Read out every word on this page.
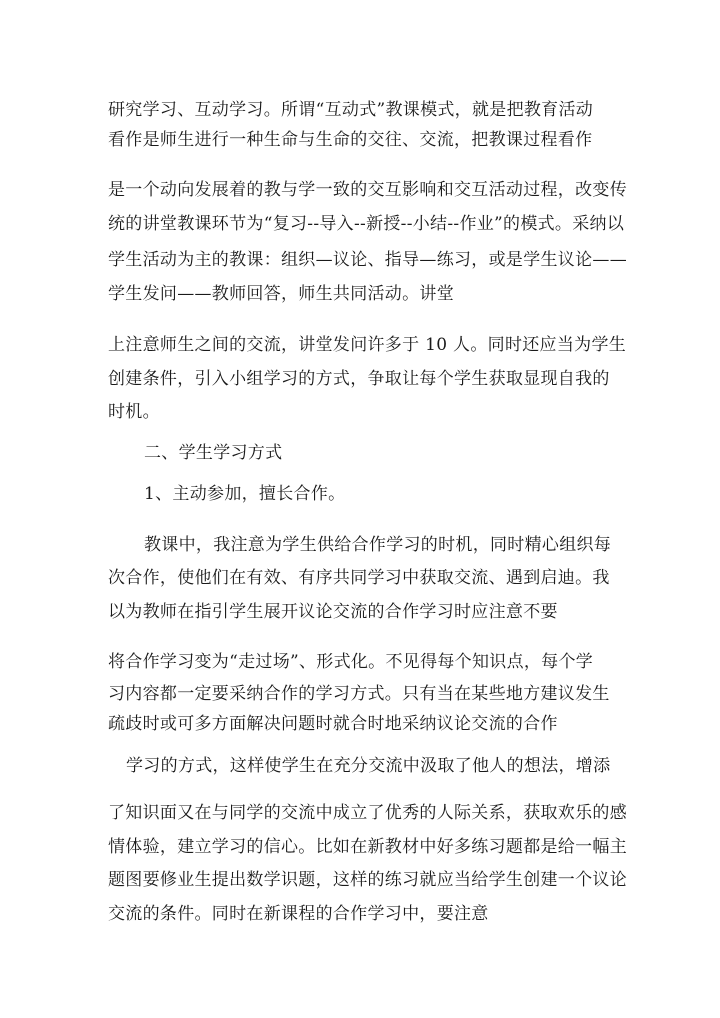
研究学习、互动学习。所谓“互动式”教课模式，就是把教育活动
看作是师生进行一种生命与生命的交往、交流，把教课过程看作
是一个动向发展着的教与学一致的交互影响和交互活动过程，改变传
统的讲堂教课环节为“复习--导入--新授--小结--作业”的模式。采纳以
学生活动为主的教课：组织—议论、指导—练习，或是学生议论——
学生发问——教师回答，师生共同活动。讲堂
上注意师生之间的交流，讲堂发问许多于 10 人。同时还应当为学生
创建条件，引入小组学习的方式，争取让每个学生获取显现自我的
时机。
二、学生学习方式
1、主动参加，擅长合作。
教课中，我注意为学生供给合作学习的时机，同时精心组织每
次合作，使他们在有效、有序共同学习中获取交流、遇到启迪。我
以为教师在指引学生展开议论交流的合作学习时应注意不要
将合作学习变为“走过场”、形式化。不见得每个知识点，每个学
习内容都一定要采纳合作的学习方式。只有当在某些地方建议发生
疏歧时或可多方面解决问题时就合时地采纳议论交流的合作
学习的方式，这样使学生在充分交流中汲取了他人的想法，增添
了知识面又在与同学的交流中成立了优秀的人际关系，获取欢乐的感
情体验，建立学习的信心。比如在新教材中好多练习题都是给一幅主
题图要修业生提出数学识题，这样的练习就应当给学生创建一个议论
交流的条件。同时在新课程的合作学习中，要注意
